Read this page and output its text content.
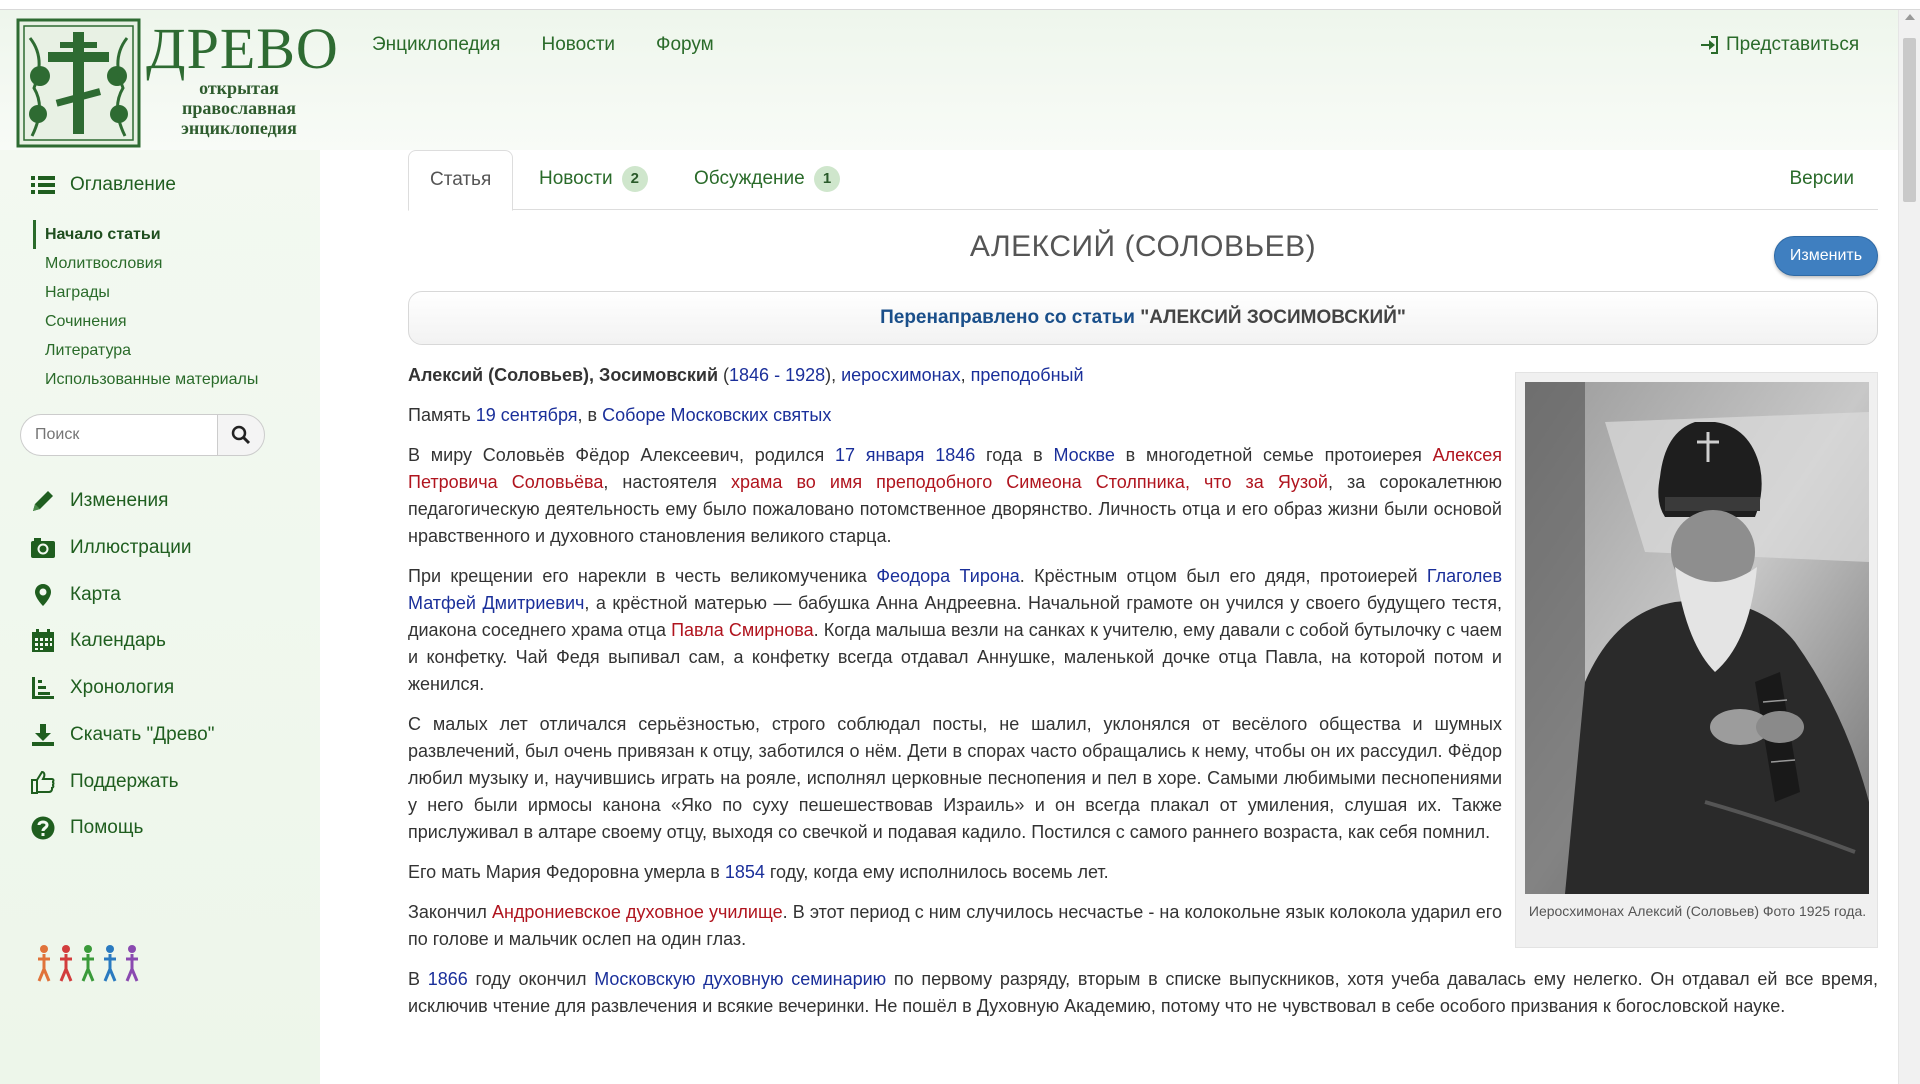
ДРЕВО
открытая
православная
энциклопедия
Энциклопедия Новости Форум	Представиться
Оглавление
Начало статьи
Молитвословия
Награды
Сочинения
Литература
Использованные материалы
Поиск
Изменения
Иллюстрации
Карта
Календарь
Хронология
Скачать "Древо"
Поддержать
Помощь
Статья	Новости 2	Обсуждение 1	Версии
АЛЕКСИЙ (СОЛОВЬЕВ)	Изменить
Перенаправлено со статьи "АЛЕКСИЙ ЗОСИМОВСКИЙ"
Иеросхимонах Алексий (Соловьев) Фото 1925 года.

Алексий (Соловьев), Зосимовский (1846 - 1928), иеросхимонах, преподобный

Память 19 сентября, в Соборе Московских святых

В миру Соловьёв Фёдор Алексеевич, родился 17 января 1846 года в Москве в многодетной семье протоиерея Алексея Петровича Соловьёва, настоятеля храма во имя преподобного Симеона Столпника, что за Яузой, за сорокалетнюю педагогическую деятельность ему было пожаловано потомственное дворянство. Личность отца и его образ жизни были основой нравственного и духовного становления великого старца.

При крещении его нарекли в честь великомученика Феодора Тирона. Крёстным отцом был его дядя, протоиерей Глаголев Матфей Дмитриевич, а крёстной матерью — бабушка Анна Андреевна. Начальной грамоте он учился у своего будущего тестя, диакона соседнего храма отца Павла Смирнова. Когда малыша везли на санках к учителю, ему давали с собой бутылочку с чаем и конфетку. Чай Федя выпивал сам, а конфетку всегда отдавал Аннушке, маленькой дочке отца Павла, на которой потом и женился.

С малых лет отличался серьёзностью, строго соблюдал посты, не шалил, уклонялся от весёлого общества и шумных развлечений, был очень привязан к отцу, заботился о нём. Дети в спорах часто обращались к нему, чтобы он их рассудил. Фёдор любил музыку и, научившись играть на рояле, исполнял церковные песнопения и пел в хоре. Самыми любимыми песнопениями у него были ирмосы канона «Яко по суху пешешествовав Израиль» и он всегда плакал от умиления, слушая их. Также прислуживал в алтаре своему отцу, выходя со свечкой и подавая кадило. Постился с самого раннего возраста, как себя помнил.

Его мать Мария Федоровна умерла в 1854 году, когда ему исполнилось восемь лет.

Закончил Андрониевское духовное училище. В этот период с ним случилось несчастье - на колокольне язык колокола ударил его по голове и мальчик ослеп на один глаз.

В 1866 году окончил Московскую духовную семинарию по первому разряду, вторым в списке выпускников, хотя учеба давалась ему нелегко. Он отдавал ей все время, исключив чтение для развлечения и всякие вечеринки. Не пошёл в Духовную Академию, потому что не чувствовал в себе особого призвания к богословской науке.
